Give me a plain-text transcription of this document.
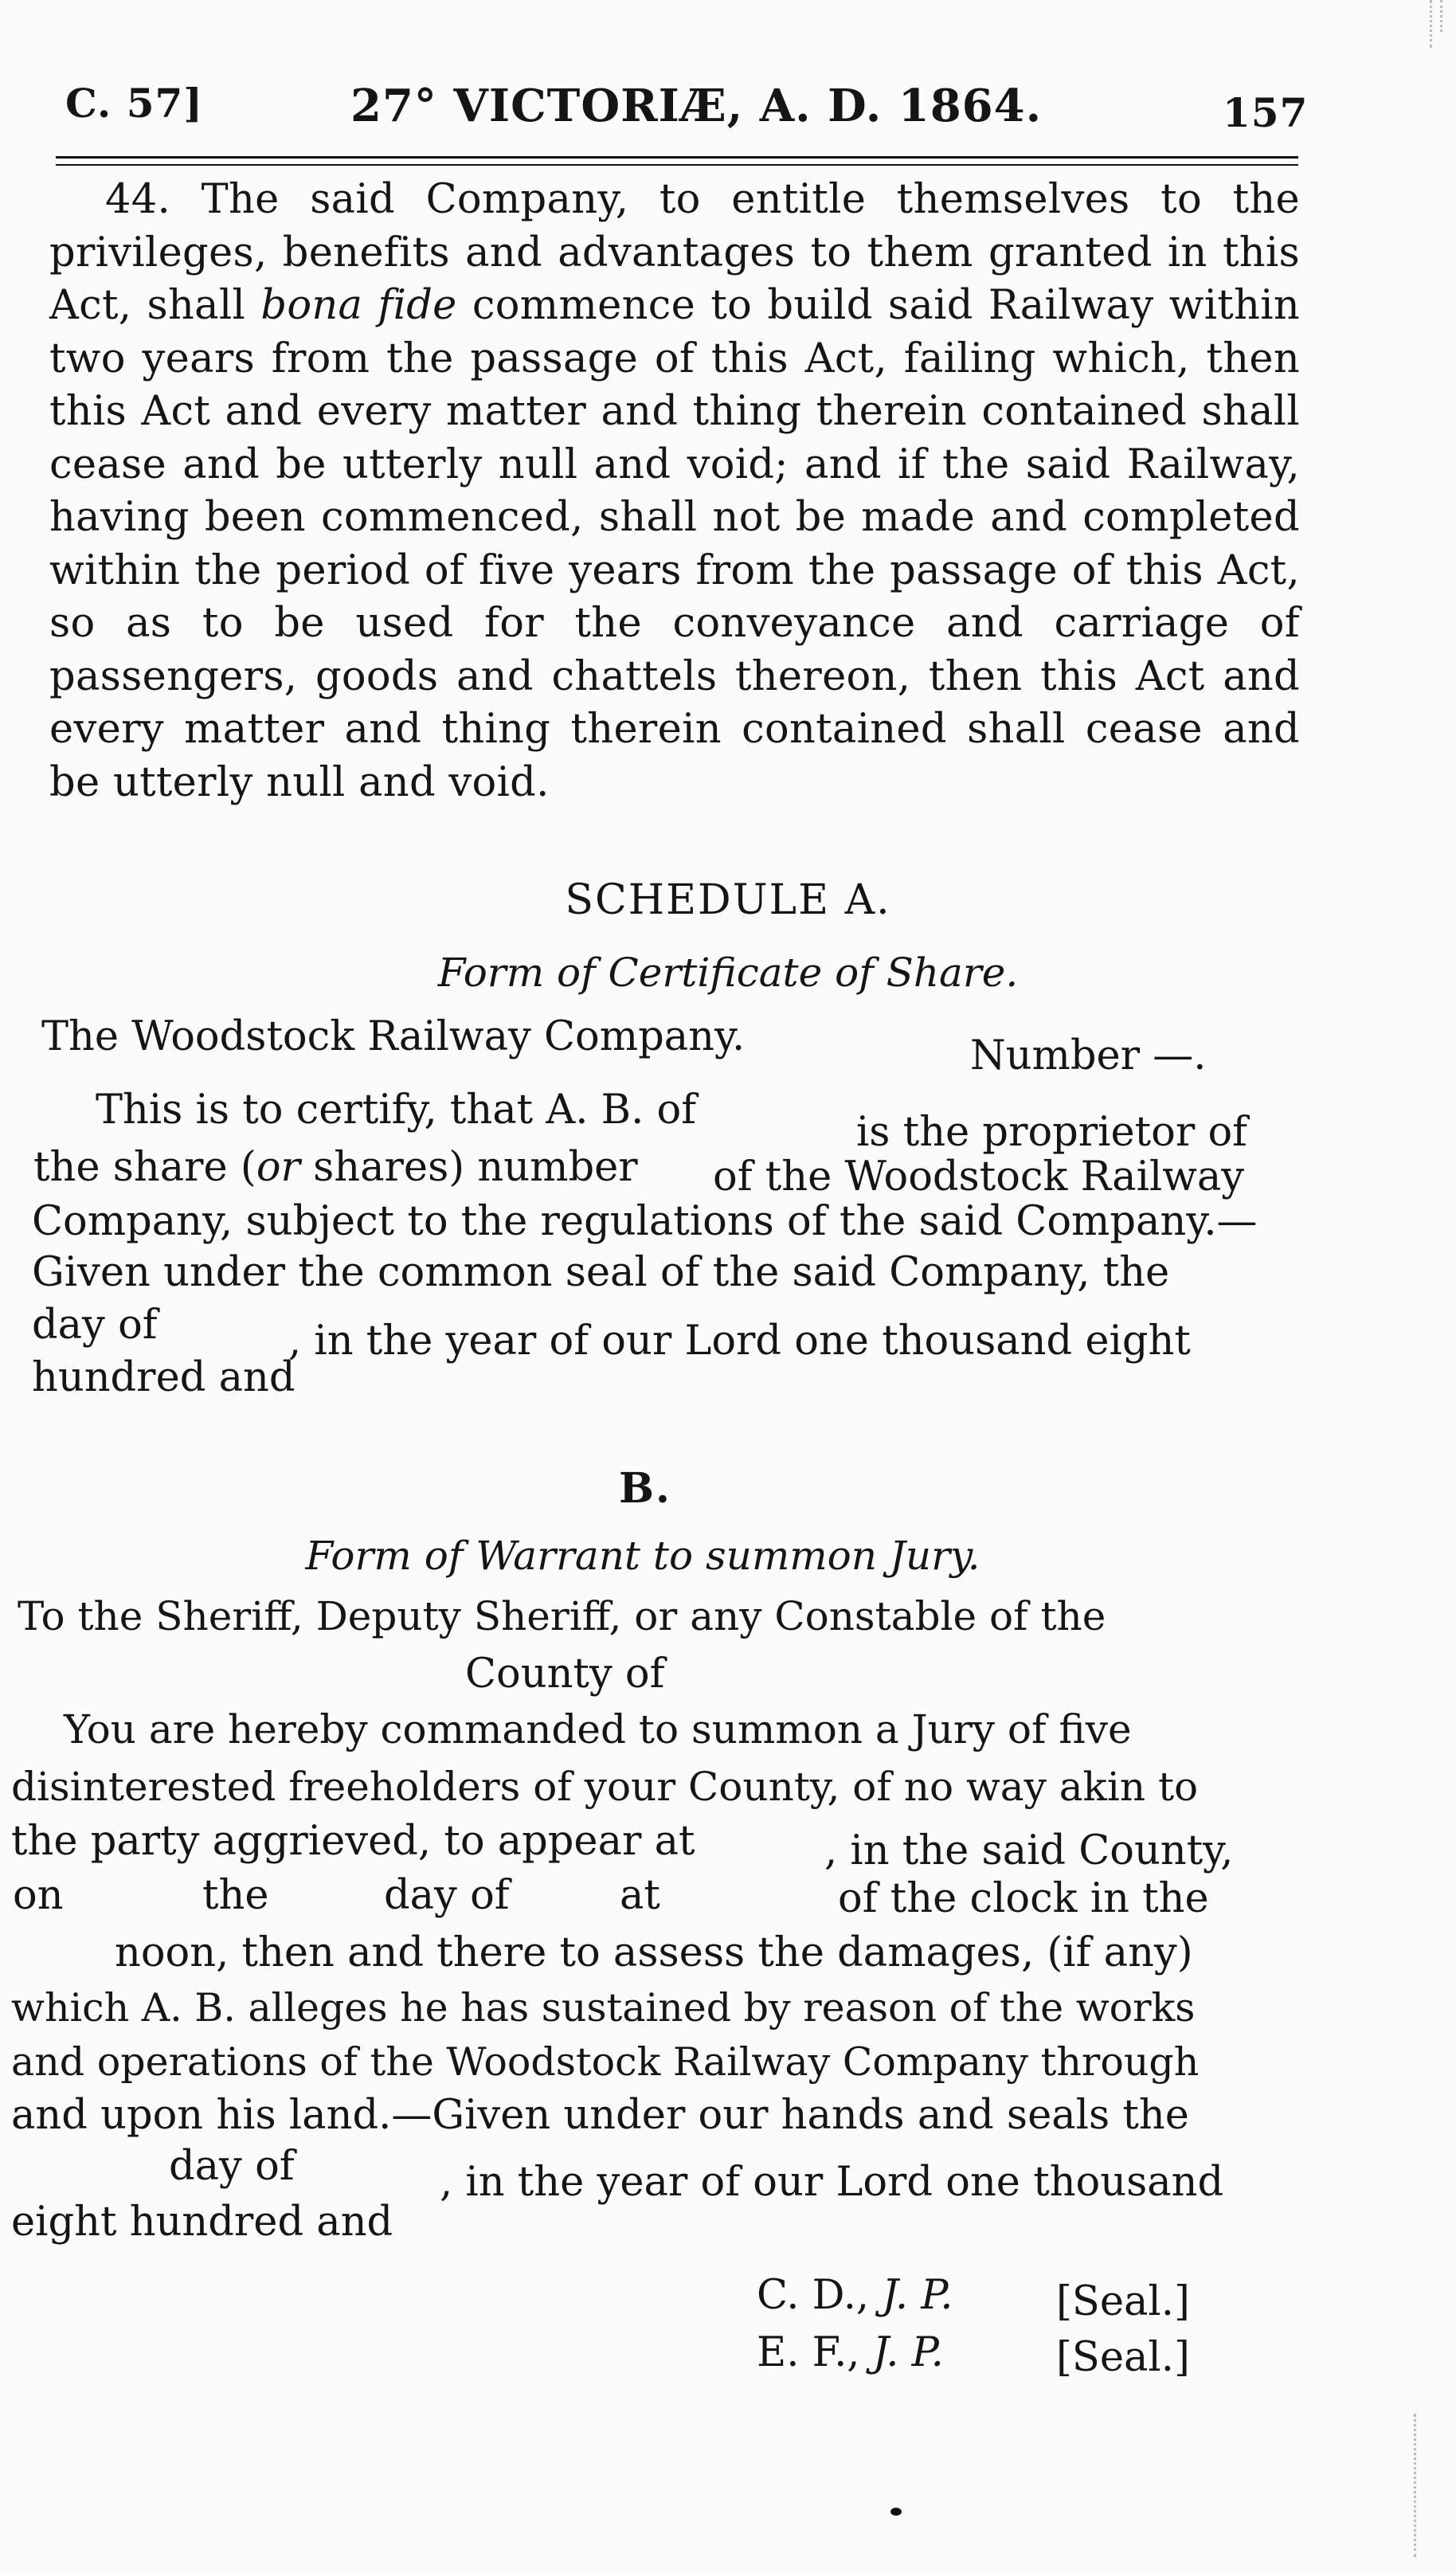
C. 57]	27° VICTORIÆ, A. D. 1864.	157

44. The said Company, to entitle themselves to the privileges, benefits and advantages to them granted in this Act, shall bona fide commence to build said Railway within two years from the passage of this Act, failing which, then this Act and every matter and thing therein contained shall cease and be utterly null and void; and if the said Railway, having been commenced, shall not be made and completed within the period of five years from the passage of this Act, so as to be used for the conveyance and carriage of passengers, goods and chattels thereon, then this Act and every matter and thing therein contained shall cease and be utterly null and void.

SCHEDULE A.
Form of Certificate of Share.
The Woodstock Railway Company.	Number —.
This is to certify, that A. B. of	is the proprietor of
the share (or shares) number of the Woodstock Railway
Company, subject to the regulations of the said Company.—
Given under the common seal of the said Company, the
day of	, in the year of our Lord one thousand eight
hundred and
B.
Form of Warrant to summon Jury.
To the Sheriff, Deputy Sheriff, or any Constable of the
County of
You are hereby commanded to summon a Jury of five
disinterested freeholders of your County, of no way akin to
the party aggrieved, to appear at	, in the said County,
on	the	day of	at	of the clock in the
noon, then and there to assess the damages, (if any)
which A. B. alleges he has sustained by reason of the works
and operations of the Woodstock Railway Company through
and upon his land.—Given under our hands and seals the
day of	, in the year of our Lord one thousand
eight hundred and
C. D., J. P.	[Seal.]
E. F., J. P.	[Seal.]
